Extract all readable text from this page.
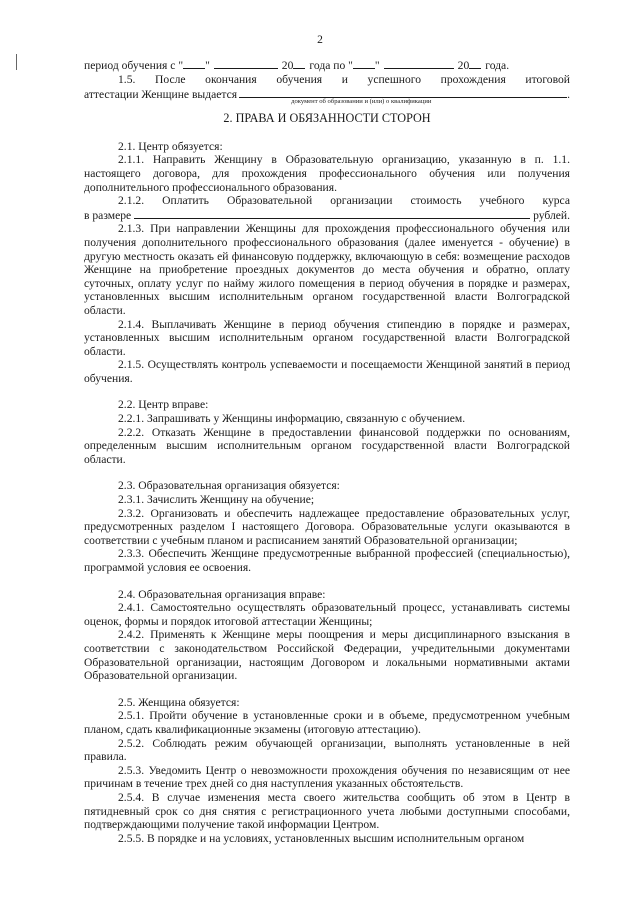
2
период обучения с " "	20 года по " "	20 года.

1.5. После окончания обучения и успешного прохождения итоговой

аттестации Женщине выдается
документ об образовании и (или) о квалификации
.

2. ПРАВА И ОБЯЗАННОСТИ СТОРОН

2.1. Центр обязуется:

2.1.1. Направить Женщину в Образовательную организацию, указанную в п. 1.1. настоящего договора, для прохождения профессионального обучения или получения дополнительного профессионального образования.

2.1.2. Оплатить Образовательной организации стоимость учебного курса

в размере	рублей.

2.1.3. При направлении Женщины для прохождения профессионального обучения или получения дополнительного профессионального образования (далее именуется - обучение) в другую местность оказать ей финансовую поддержку, включающую в себя: возмещение расходов Женщине на приобретение проездных документов до места обучения и обратно, оплату суточных, оплату услуг по найму жилого помещения в период обучения в порядке и размерах, установленных высшим исполнительным органом государственной власти Волгоградской области.

2.1.4. Выплачивать Женщине в период обучения стипендию в порядке и размерах, установленных высшим исполнительным органом государственной власти Волгоградской области.

2.1.5. Осуществлять контроль успеваемости и посещаемости Женщиной занятий в период обучения.

2.2. Центр вправе:

2.2.1. Запрашивать у Женщины информацию, связанную с обучением.

2.2.2. Отказать Женщине в предоставлении финансовой поддержки по основаниям, определенным высшим исполнительным органом государственной власти Волгоградской области.

2.3. Образовательная организация обязуется:

2.3.1. Зачислить Женщину на обучение;

2.3.2. Организовать и обеспечить надлежащее предоставление образовательных услуг, предусмотренных разделом I настоящего Договора. Образовательные услуги оказываются в соответствии с учебным планом и расписанием занятий Образовательной организации;

2.3.3. Обеспечить Женщине предусмотренные выбранной профессией (специальностью), программой условия ее освоения.

2.4. Образовательная организация вправе:

2.4.1. Самостоятельно осуществлять образовательный процесс, устанавливать системы оценок, формы и порядок итоговой аттестации Женщины;

2.4.2. Применять к Женщине меры поощрения и меры дисциплинарного взыскания в соответствии с законодательством Российской Федерации, учредительными документами Образовательной организации, настоящим Договором и локальными нормативными актами Образовательной организации.

2.5. Женщина обязуется:

2.5.1. Пройти обучение в установленные сроки и в объеме, предусмотренном учебным планом, сдать квалификационные экзамены (итоговую аттестацию).

2.5.2. Соблюдать режим обучающей организации, выполнять установленные в ней правила.

2.5.3. Уведомить Центр о невозможности прохождения обучения по независящим от нее причинам в течение трех дней со дня наступления указанных обстоятельств.

2.5.4. В случае изменения места своего жительства сообщить об этом в Центр в пятидневный срок со дня снятия с регистрационного учета любыми доступными способами, подтверждающими получение такой информации Центром.

2.5.5. В порядке и на условиях, установленных высшим исполнительным органом
